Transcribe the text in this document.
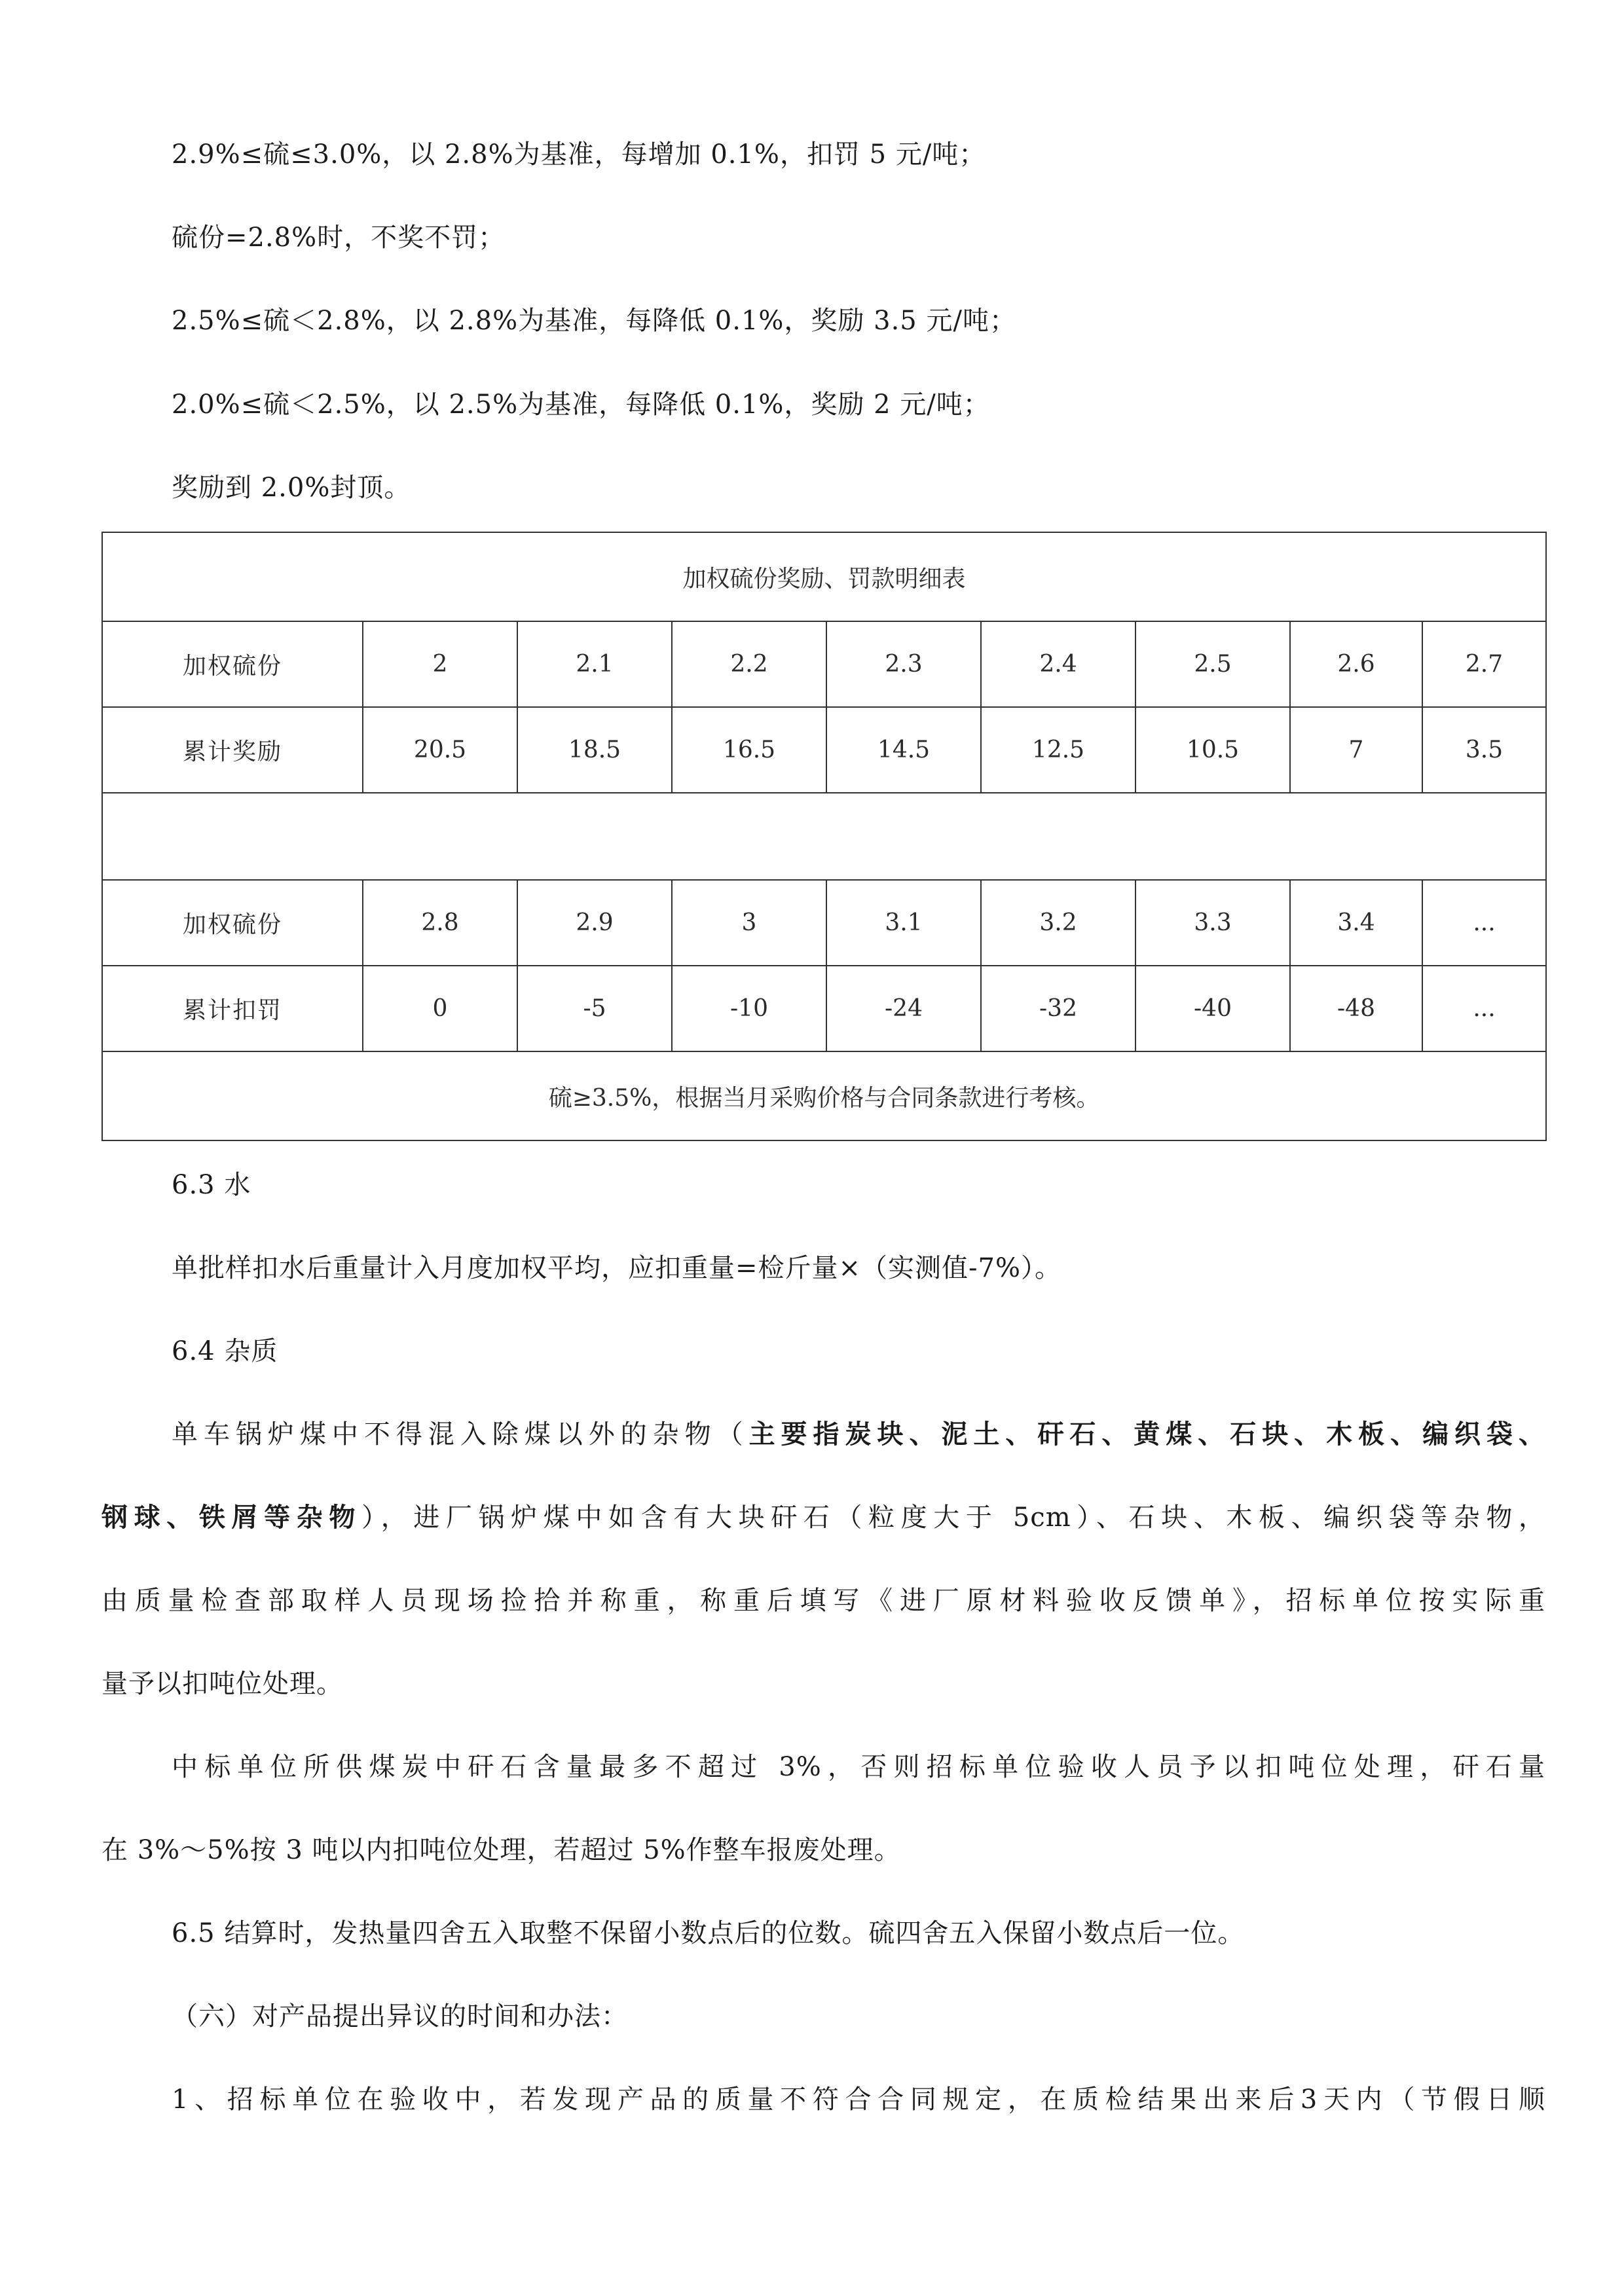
2.9%≤硫≤3.0%，以 2.8%为基准，每增加 0.1%，扣罚 5 元/吨；

硫份=2.8%时，不奖不罚；

2.5%≤硫＜2.8%，以 2.8%为基准，每降低 0.1%，奖励 3.5 元/吨；

2.0%≤硫＜2.5%，以 2.5%为基准，每降低 0.1%，奖励 2 元/吨；

奖励到 2.0%封顶。

加权硫份奖励、罚款明细表								
加权硫份	2	2.1	2.2	2.3	2.4	2.5	2.6	2.7
累计奖励	20.5	18.5	16.5	14.5	12.5	10.5	7	3.5

加权硫份	2.8	2.9	3	3.1	3.2	3.3	3.4	...
累计扣罚	0	-5	-10	-24	-32	-40	-48	...
硫≥3.5%，根据当月采购价格与合同条款进行考核。								

6.3 水

单批样扣水后重量计入月度加权平均，应扣重量=检斤量×（实测值-7%）。

6.4 杂质

单车锅炉煤中不得混入除煤以外的杂物（主要指炭块、泥土、矸石、黄煤、石块、木板、编织袋、

钢球、铁屑等杂物），进厂锅炉煤中如含有大块矸石（粒度大于 5cm）、石块、木板、编织袋等杂物，

由质量检查部取样人员现场捡拾并称重，称重后填写《进厂原材料验收反馈单》，招标单位按实际重

量予以扣吨位处理。

中标单位所供煤炭中矸石含量最多不超过 3%，否则招标单位验收人员予以扣吨位处理，矸石量

在 3%～5%按 3 吨以内扣吨位处理，若超过 5%作整车报废处理。

6.5 结算时，发热量四舍五入取整不保留小数点后的位数。硫四舍五入保留小数点后一位。

（六）对产品提出异议的时间和办法：

1、招标单位在验收中，若发现产品的质量不符合合同规定，在质检结果出来后3天内（节假日顺
